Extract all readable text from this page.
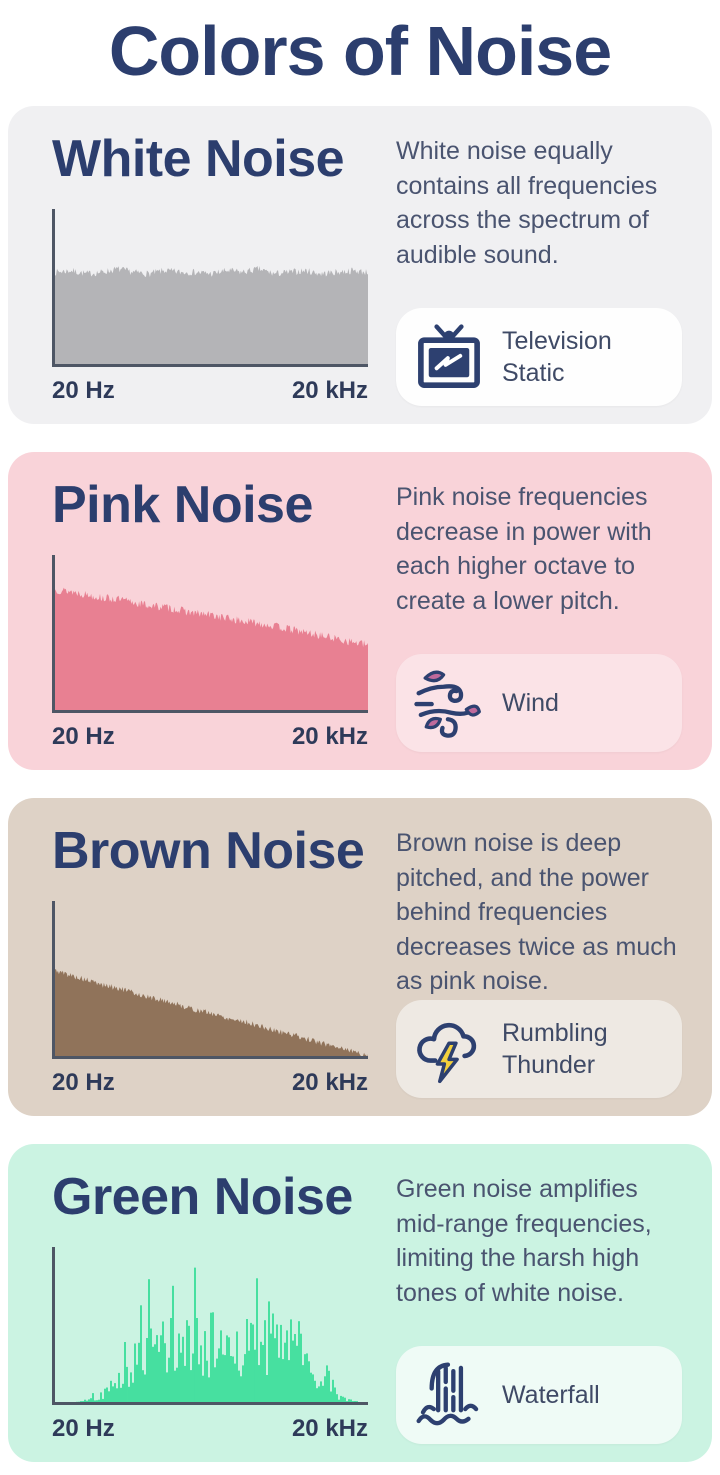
Colors of Noise
White Noise
20 Hz	20 kHz

White noise equally contains all frequencies across the spectrum of audible sound.

Television Static
Pink Noise
20 Hz	20 kHz

Pink noise frequencies decrease in power with each higher octave to create a lower pitch.

Wind
Brown Noise
20 Hz	20 kHz

Brown noise is deep pitched, and the power behind frequencies decreases twice as much as pink noise.

Rumbling Thunder
Green Noise
20 Hz	20 kHz

Green noise amplifies mid-range frequencies, limiting the harsh high tones of white noise.

Waterfall
